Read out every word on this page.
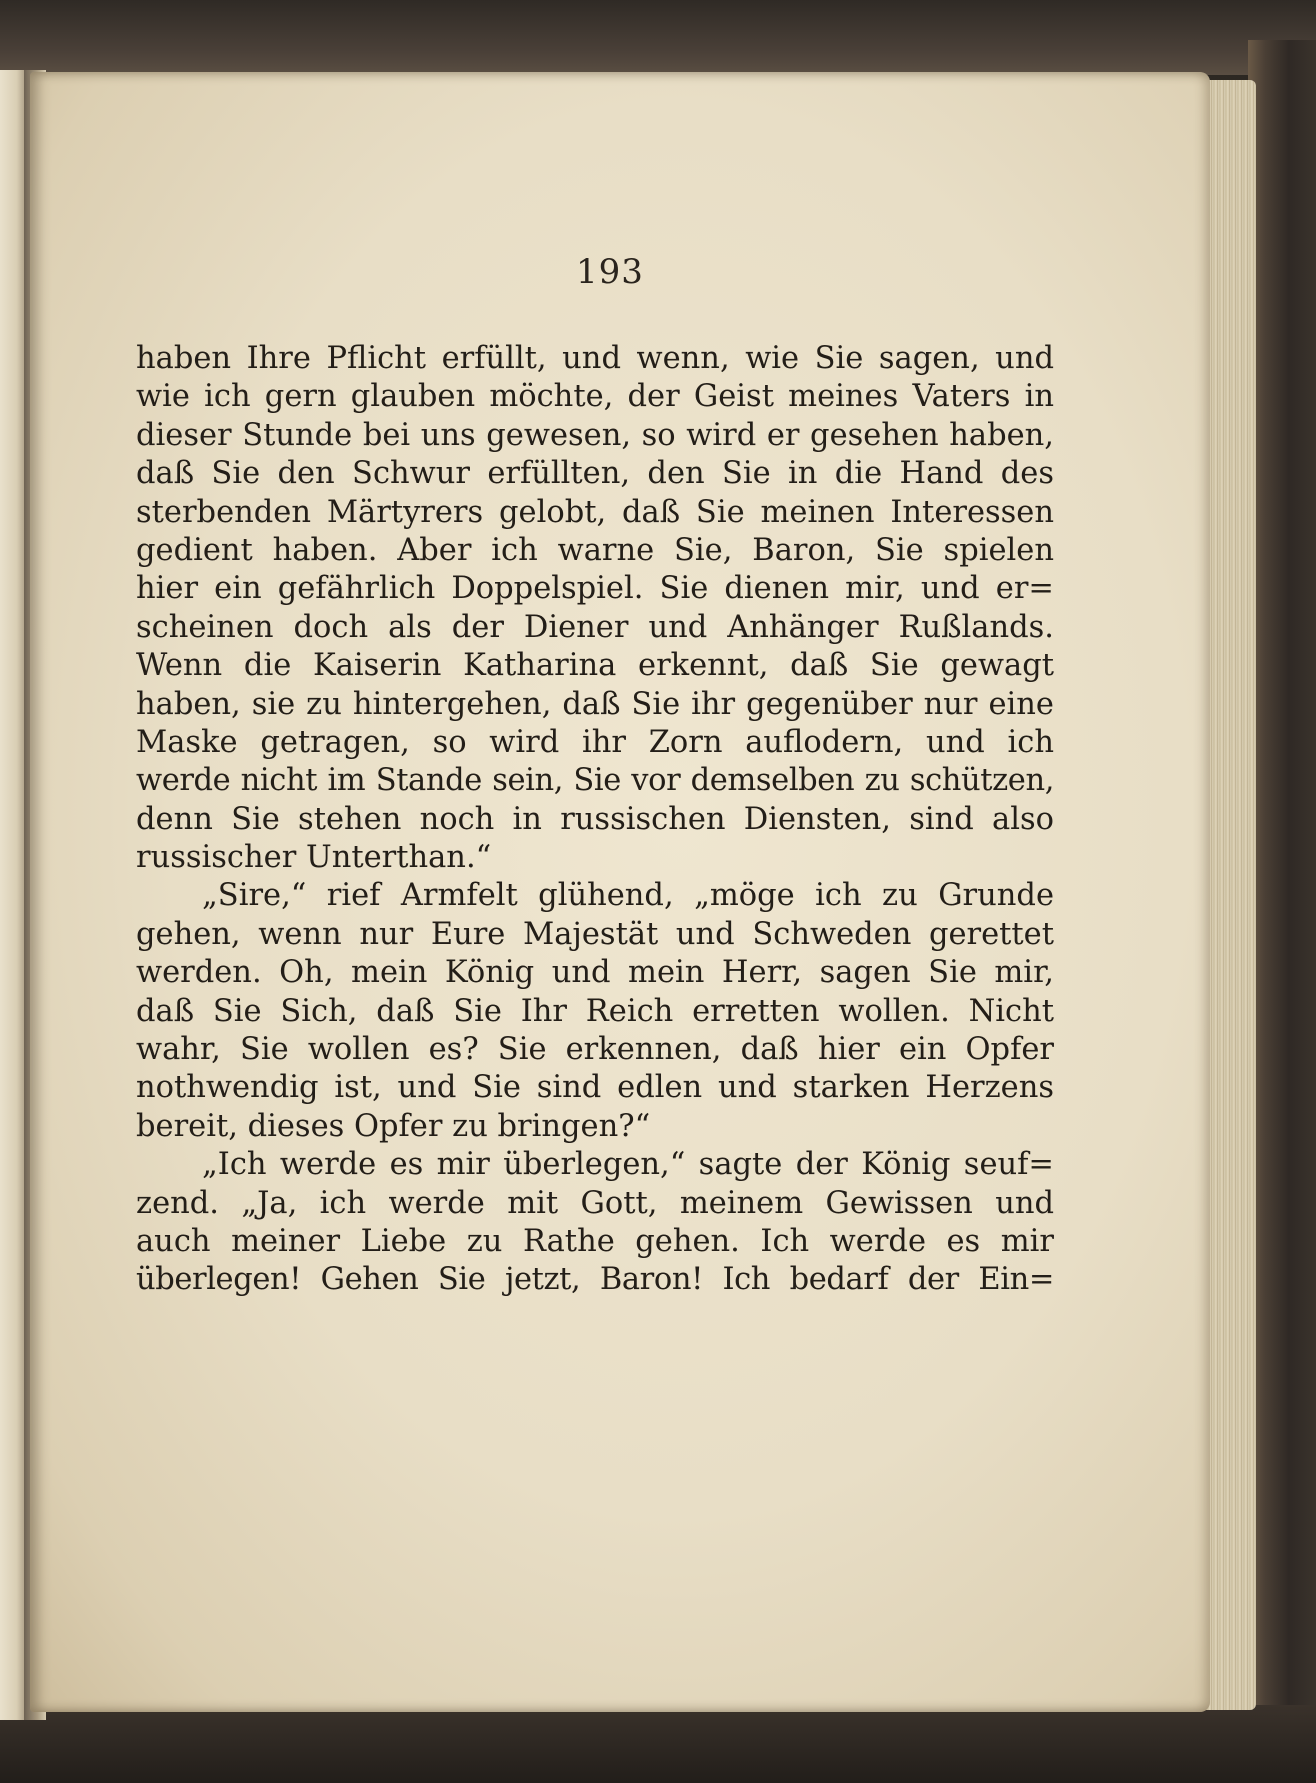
193
haben Ihre Pflicht erfüllt, und wenn, wie Sie sagen, und
wie ich gern glauben möchte, der Geist meines Vaters in
dieser Stunde bei uns gewesen, so wird er gesehen haben,
daß Sie den Schwur erfüllten, den Sie in die Hand des
sterbenden Märtyrers gelobt, daß Sie meinen Interessen
gedient haben. Aber ich warne Sie, Baron, Sie spielen
hier ein gefährlich Doppelspiel. Sie dienen mir, und er=
scheinen doch als der Diener und Anhänger Rußlands.
Wenn die Kaiserin Katharina erkennt, daß Sie gewagt
haben, sie zu hintergehen, daß Sie ihr gegenüber nur eine
Maske getragen, so wird ihr Zorn auflodern, und ich
werde nicht im Stande sein, Sie vor demselben zu schützen,
denn Sie stehen noch in russischen Diensten, sind also
russischer Unterthan.“
„Sire,“ rief Armfelt glühend, „möge ich zu Grunde
gehen, wenn nur Eure Majestät und Schweden gerettet
werden. Oh, mein König und mein Herr, sagen Sie mir,
daß Sie Sich, daß Sie Ihr Reich erretten wollen. Nicht
wahr, Sie wollen es? Sie erkennen, daß hier ein Opfer
nothwendig ist, und Sie sind edlen und starken Herzens
bereit, dieses Opfer zu bringen?“
„Ich werde es mir überlegen,“ sagte der König seuf=
zend. „Ja, ich werde mit Gott, meinem Gewissen und
auch meiner Liebe zu Rathe gehen. Ich werde es mir
überlegen! Gehen Sie jetzt, Baron! Ich bedarf der Ein=
